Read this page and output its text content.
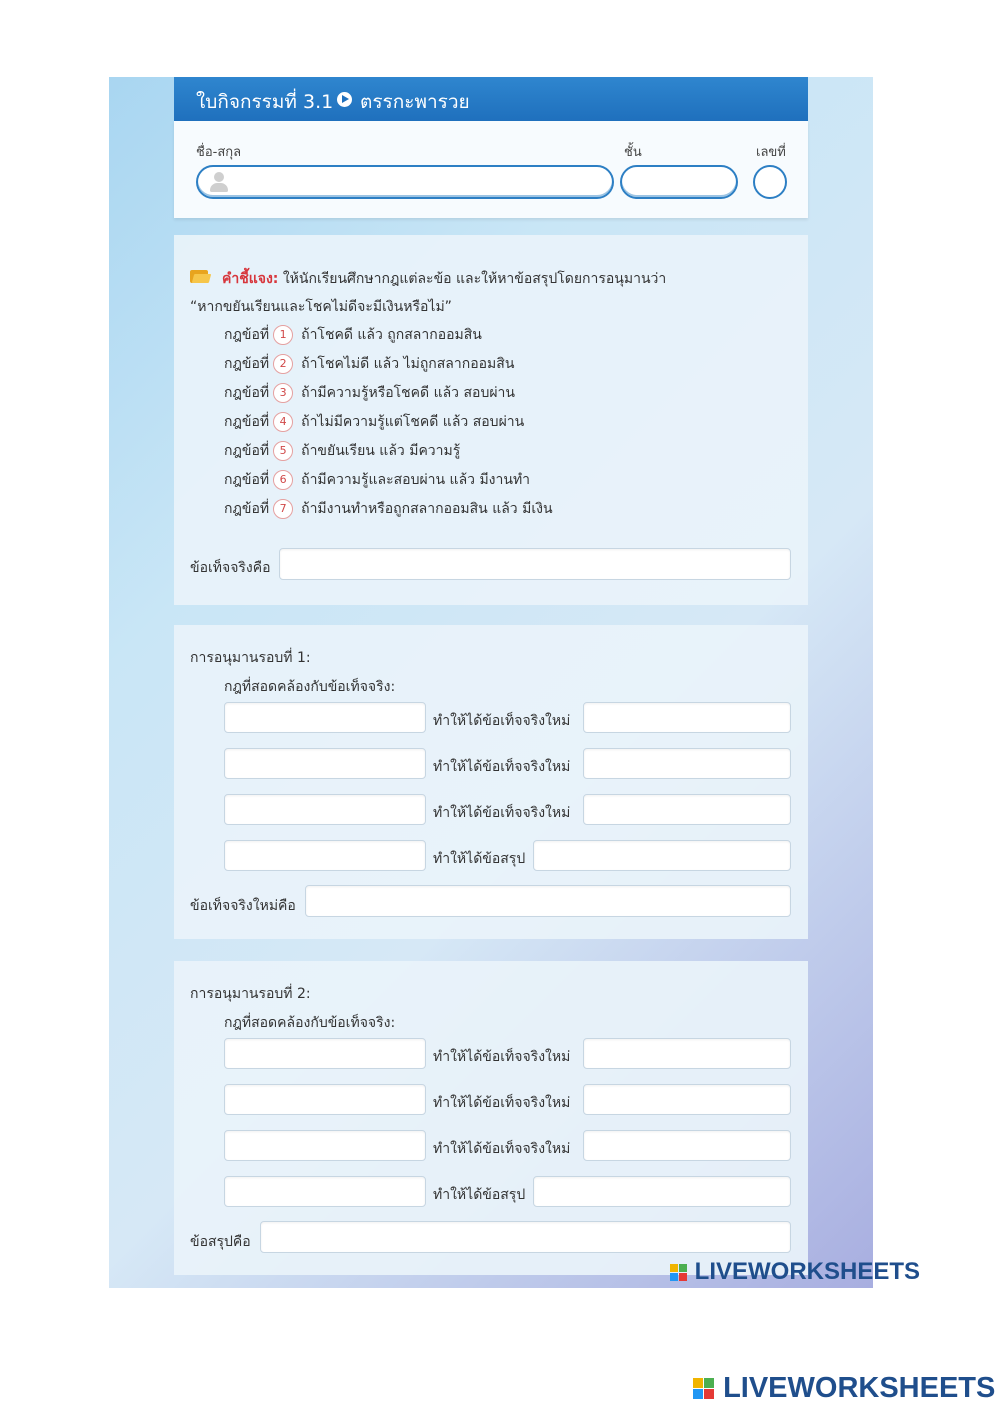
ใบกิจกรรมที่ 3.1 ตรรกะพารวย
ชื่อ-สกุล	ชั้น	เลขที่
คำชี้แจง: ให้นักเรียนศึกษากฎแต่ละข้อ และให้หาข้อสรุปโดยการอนุมานว่า
“หากขยันเรียนและโชคไม่ดีจะมีเงินหรือไม่”
กฎข้อที่ 1 ถ้าโชคดี แล้ว ถูกสลากออมสิน
กฎข้อที่ 2 ถ้าโชคไม่ดี แล้ว ไม่ถูกสลากออมสิน
กฎข้อที่ 3 ถ้ามีความรู้หรือโชคดี แล้ว สอบผ่าน
กฎข้อที่ 4 ถ้าไม่มีความรู้แต่โชคดี แล้ว สอบผ่าน
กฎข้อที่ 5 ถ้าขยันเรียน แล้ว มีความรู้
กฎข้อที่ 6 ถ้ามีความรู้และสอบผ่าน แล้ว มีงานทำ
กฎข้อที่ 7 ถ้ามีงานทำหรือถูกสลากออมสิน แล้ว มีเงิน
ข้อเท็จจริงคือ
การอนุมานรอบที่ 1:
กฎที่สอดคล้องกับข้อเท็จจริง:
ทำให้ได้ข้อเท็จจริงใหม่
ทำให้ได้ข้อเท็จจริงใหม่
ทำให้ได้ข้อเท็จจริงใหม่
ทำให้ได้ข้อสรุป
ข้อเท็จจริงใหม่คือ
การอนุมานรอบที่ 2:
กฎที่สอดคล้องกับข้อเท็จจริง:
ทำให้ได้ข้อเท็จจริงใหม่
ทำให้ได้ข้อเท็จจริงใหม่
ทำให้ได้ข้อเท็จจริงใหม่
ทำให้ได้ข้อสรุป
ข้อสรุปคือ
LIVEWORKSHEETS
LIVEWORKSHEETS
